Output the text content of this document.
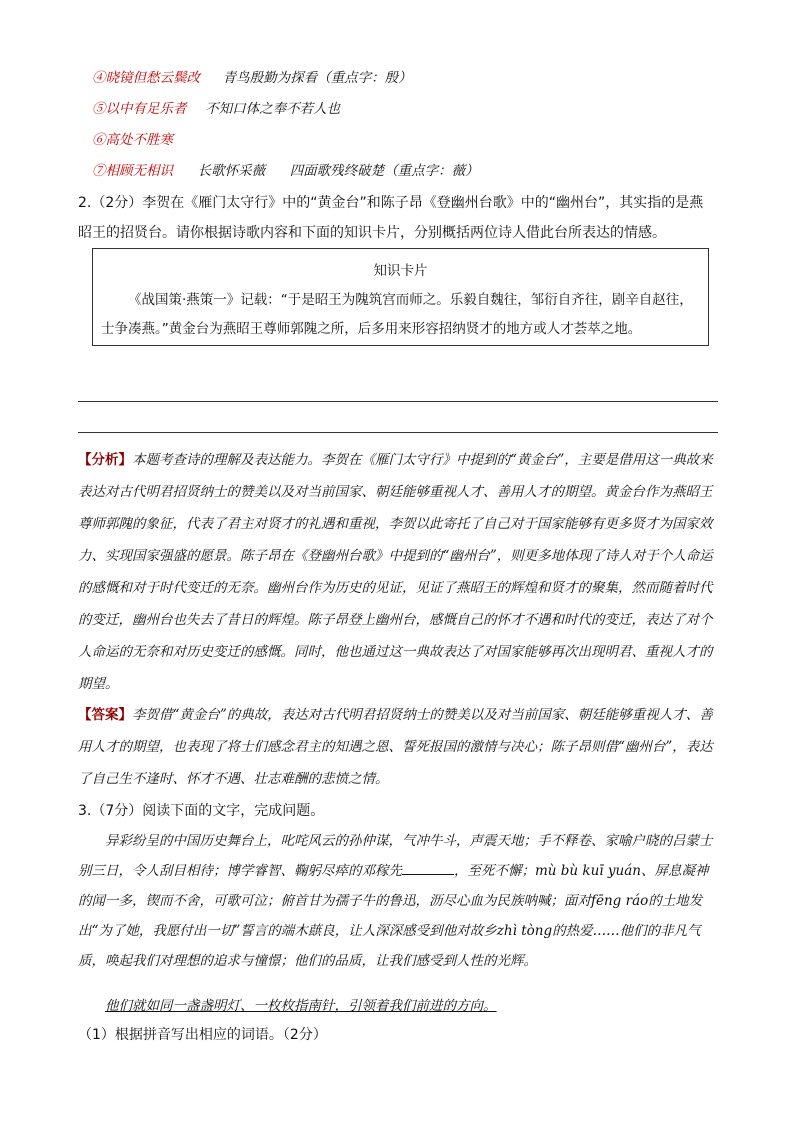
④晓镜但愁云鬓改 青鸟殷勤为探看（重点字：殷）
⑤以中有足乐者 不知口体之奉不若人也
⑥高处不胜寒
⑦相顾无相识 长歌怀采薇 四面歌残终破楚（重点字：薇）
2.（2分）李贺在《雁门太守行》中的“黄金台”和陈子昂《登幽州台歌》中的“幽州台”，其实指的是燕
昭王的招贤台。请你根据诗歌内容和下面的知识卡片，分别概括两位诗人借此台所表达的情感。
知识卡片
《战国策·燕策一》记载：“于是昭王为隗筑宫而师之。乐毅自魏往，邹衍自齐往，剧辛自赵往，士争凑燕。”黄金台为燕昭王尊师郭隗之所，后多用来形容招纳贤才的地方或人才荟萃之地。
【分析】本题考查诗的理解及表达能力。李贺在《雁门太守行》中提到的“黄金台”，主要是借用这一典故来表达对古代明君招贤纳士的赞美以及对当前国家、朝廷能够重视人才、善用人才的期望。黄金台作为燕昭王尊师郭隗的象征，代表了君主对贤才的礼遇和重视，李贺以此寄托了自己对于国家能够有更多贤才为国家效力、实现国家强盛的愿景。陈子昂在《登幽州台歌》中提到的“幽州台”，则更多地体现了诗人对于个人命运的感慨和对于时代变迁的无奈。幽州台作为历史的见证，见证了燕昭王的辉煌和贤才的聚集，然而随着时代的变迁，幽州台也失去了昔日的辉煌。陈子昂登上幽州台，感慨自己的怀才不遇和时代的变迁，表达了对个人命运的无奈和对历史变迁的感慨。同时，他也通过这一典故表达了对国家能够再次出现明君、重视人才的期望。
【答案】李贺借“黄金台”的典故，表达对古代明君招贤纳士的赞美以及对当前国家、朝廷能够重视人才、善用人才的期望，也表现了将士们感念君主的知遇之恩、誓死报国的激情与决心；陈子昂则借“幽州台”，表达了自己生不逢时、怀才不遇、壮志难酬的悲愤之情。
3.（7分）阅读下面的文字，完成问题。
异彩纷呈的中国历史舞台上，叱咤风云的孙仲谋，气冲牛斗，声震天地；手不释卷、家喻户晓的吕蒙士别三日，令人刮目相待；博学睿智、鞠躬尽瘁的邓稼先	，至死不懈；mù bù kuī yuán、屏息凝神的闻一多，锲而不舍，可歌可泣；俯首甘为孺子牛的鲁迅，沥尽心血为民族呐喊；面对fēng ráo的土地发出“为了她，我愿付出一切”誓言的端木蕻良，让人深深感受到他对故乡zhì tòng的热爱……他们的非凡气质，唤起我们对理想的追求与憧憬；他们的品质，让我们感受到人性的光辉。
他们就如同一盏盏明灯、一枚枚指南针，引领着我们前进的方向。
（1）根据拼音写出相应的词语。（2分）
